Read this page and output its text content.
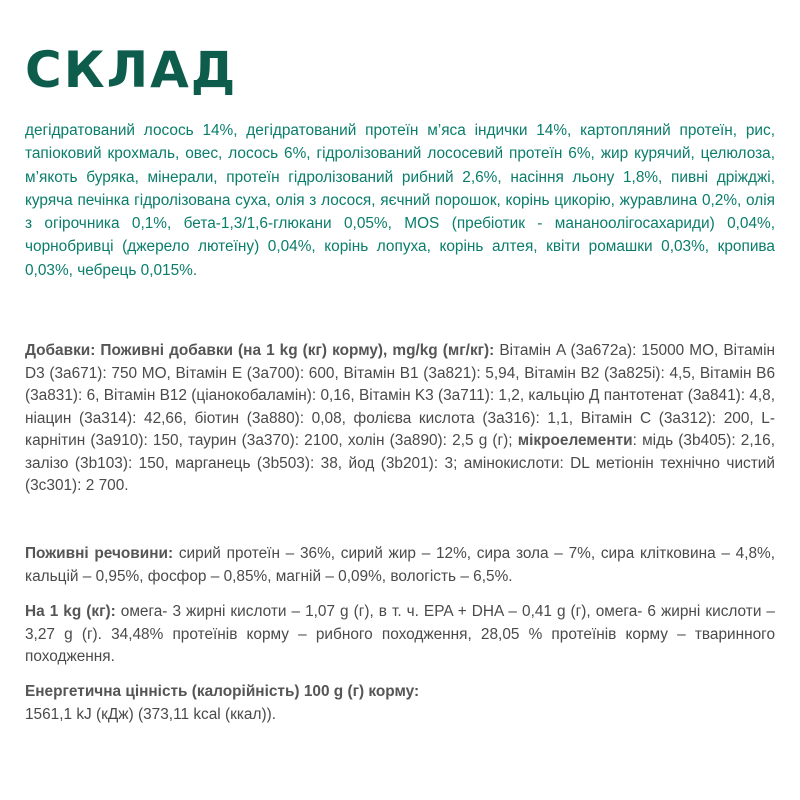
СКЛАД

дегідратований лосось 14%, дегідратований протеїн м’яса індички 14%, картопляний протеїн, рис, тапіоковий крохмаль, овес, лосось 6%, гідролізований лососевий протеїн 6%, жир курячий, целюлоза, м’якоть буряка, мінерали, протеїн гідролізований рибний 2,6%, насіння льону 1,8%, пивні дріжджі, куряча печінка гідролізована суха, олія з лосося, яєчний порошок, корінь цикорію, журавлина 0,2%, олія з огірочника 0,1%, бета-1,3/1,6-глюкани 0,05%, MOS (пребіотик - мананоолігосахариди) 0,04%, чорнобривці (джерело лютеїну) 0,04%, корінь лопуха, корінь алтея, квіти ромашки 0,03%, кропива 0,03%, чебрець 0,015%.

Добавки: Поживні добавки (на 1 kg (кг) корму), mg/kg (мг/кг): Вітамін A (3a672a): 15000 MO, Вітамін D3 (3a671): 750 MO, Вітамін E (3a700): 600, Вітамін B1 (3a821): 5,94, Вітамін B2 (3a825i): 4,5, Вітамін B6 (3a831): 6, Вітамін B12 (ціанокобаламін): 0,16, Вітамін K3 (3a711): 1,2, кальцію Д пантотенат (3a841): 4,8, ніацин (3a314): 42,66, біотин (3a880): 0,08, фолієва кислота (3a316): 1,1, Вітамін C (3a312): 200, L-карнітин (3a910): 150, таурин (3a370): 2100, холін (3a890): 2,5 g (г); мікроелементи: мідь (3b405): 2,16, залізо (3b103): 150, марганець (3b503): 38, йод (3b201): 3; амінокислоти: DL метіонін технічно чистий (3c301): 2 700.

Поживні речовини: сирий протеїн – 36%, сирий жир – 12%, сира зола – 7%, сира клітковина – 4,8%, кальцій – 0,95%, фосфор – 0,85%, магній – 0,09%, вологість – 6,5%.

На 1 kg (кг): омега- 3 жирні кислоти – 1,07 g (г), в т. ч. EPA + DHA – 0,41 g (г), омега- 6 жирні кислоти – 3,27 g (г). 34,48% протеїнів корму – рибного походження, 28,05 % протеїнів корму – тваринного походження.

Енергетична цінність (калорійність) 100 g (г) корму:
1561,1 kJ (кДж) (373,11 kcal (ккал)).
